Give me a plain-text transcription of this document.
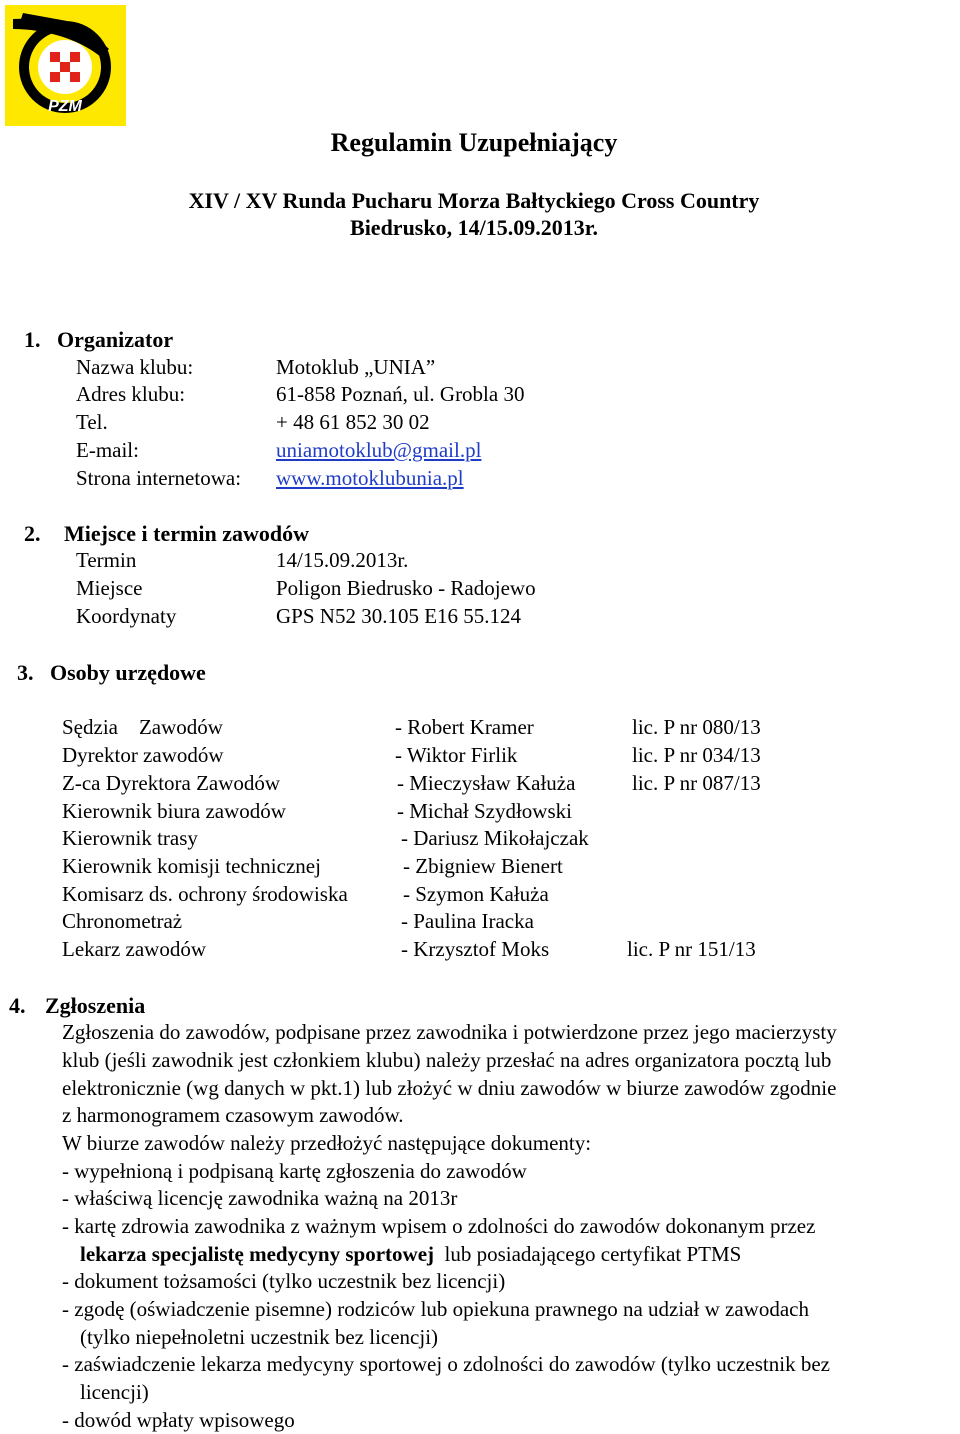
PZM
Regulamin Uzupełniający
XIV / XV Runda Pucharu Morza Bałtyckiego Cross Country
Biedrusko, 14/15.09.2013r.
1. Organizator
Nazwa klubu:	Motoklub „UNIA”
Adres klubu:	61-858 Poznań, ul. Grobla 30
Tel.	+ 48 61 852 30 02
E-mail:	uniamotoklub@gmail.pl
Strona internetowa: www.motoklubunia.pl
2. Miejsce i termin zawodów
Termin	14/15.09.2013r.
Miejsce	Poligon Biedrusko - Radojewo
Koordynaty	GPS N52 30.105 E16 55.124
3. Osoby urzędowe
Sędzia    Zawodów	- Robert Kramer	lic. P nr 080/13
Dyrektor zawodów	- Wiktor Firlik	lic. P nr 034/13
Z-ca Dyrektora Zawodów	- Mieczysław Kałuża	lic. P nr 087/13
Kierownik biura zawodów	- Michał Szydłowski
Kierownik trasy	- Dariusz Mikołajczak
Kierownik komisji technicznej	- Zbigniew Bienert
Komisarz ds. ochrony środowiska	- Szymon Kałuża
Chronometraż	- Paulina Iracka
Lekarz zawodów	- Krzysztof Moks	lic. P nr 151/13
4. Zgłoszenia
Zgłoszenia do zawodów, podpisane przez zawodnika i potwierdzone przez jego macierzysty
klub (jeśli zawodnik jest członkiem klubu) należy przesłać na adres organizatora pocztą lub
elektronicznie (wg danych w pkt.1) lub złożyć w dniu zawodów w biurze zawodów zgodnie
z harmonogramem czasowym zawodów.
W biurze zawodów należy przedłożyć następujące dokumenty:
- wypełnioną i podpisaną kartę zgłoszenia do zawodów
- właściwą licencję zawodnika ważną na 2013r
- kartę zdrowia zawodnika z ważnym wpisem o zdolności do zawodów dokonanym przez
lekarza specjalistę medycyny sportowej lub posiadającego certyfikat PTMS
- dokument tożsamości (tylko uczestnik bez licencji)
- zgodę (oświadczenie pisemne) rodziców lub opiekuna prawnego na udział w zawodach
(tylko niepełnoletni uczestnik bez licencji)
- zaświadczenie lekarza medycyny sportowej o zdolności do zawodów (tylko uczestnik bez
licencji)
- dowód wpłaty wpisowego
